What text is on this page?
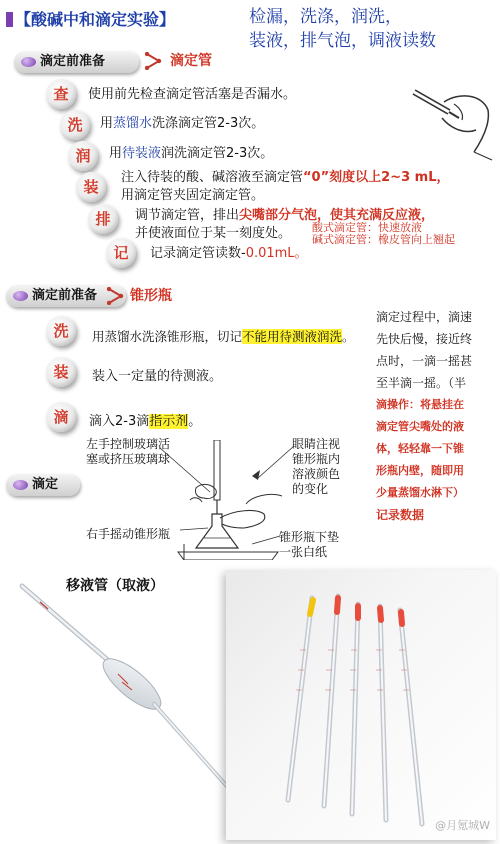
【酸碱中和滴定实验】	检漏，洗涤，润洗，
装液，排气泡，调液读数
滴定前准备	滴定管
查	使用前先检查滴定管活塞是否漏水。
洗	用蒸馏水洗涤滴定管2-3次。
润	用待装液润洗滴定管2-3次。
装
注入待装的酸、碱溶液至滴定管“0”刻度以上2~3 mL，
用滴定管夹固定滴定管。
排	调节滴定管，排出尖嘴部分气泡，使其充满反应液，
并使液面位于某一刻度处。 酸式滴定管：快速放液
碱式滴定管：橡皮管向上翘起
记	记录滴定管读数-0.01mL。
滴定前准备	锥形瓶
洗	用蒸馏水洗涤锥形瓶，切记不能用待测液润洗。
装	装入一定量的待测液。
滴	滴入2-3滴指示剂。
滴定过程中，滴速
先快后慢，接近终
点时，一滴一摇甚
至半滴一摇。（半
滴操作：将悬挂在
滴定管尖嘴处的液
体，轻轻靠一下锥
形瓶内壁，随即用
少量蒸馏水淋下）
记录数据
滴定
左手控制玻璃活
塞或挤压玻璃球
眼睛注视
锥形瓶内
溶液颜色
的变化
右手摇动锥形瓶	锥形瓶下垫
一张白纸
移液管（取液）
@月氪城W
